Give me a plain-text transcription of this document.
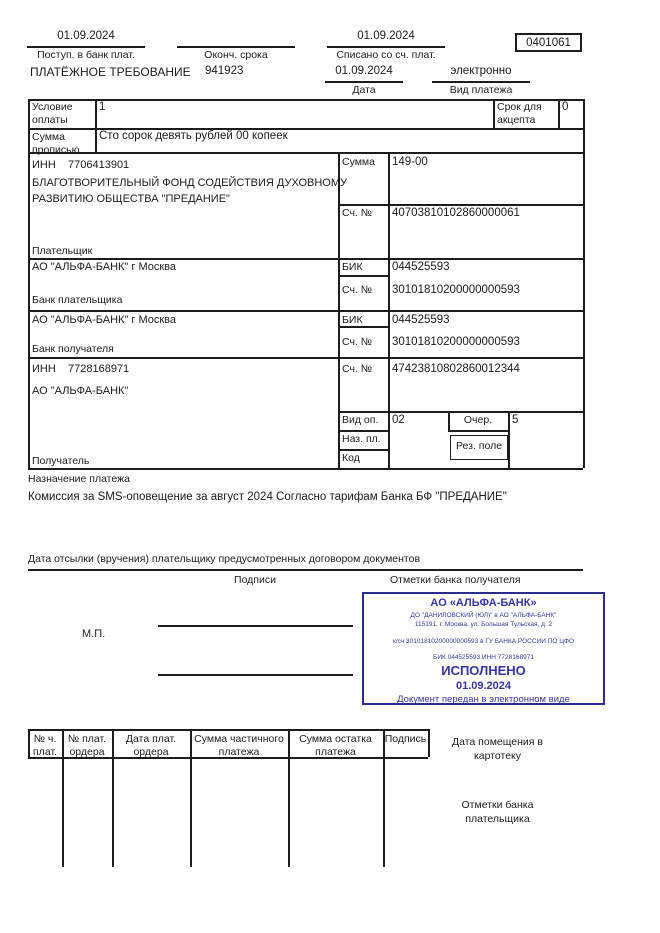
01.09.2024
Поступ. в банк плат.	Оконч. срока
01.09.2024
Списано со сч. плат.
0401061
ПЛАТЁЖНОЕ ТРЕБОВАНИЕ 941923	01.09.2024
Дата
электронно
Вид платежа
Условие оплаты
1	Срок для акцепта
0
Сумма прописью
Сто сорок девять рублей 00 копеек
ИНН 7706413901
БЛАГОТВОРИТЕЛЬНЫЙ ФОНД СОДЕЙСТВИЯ ДУХОВНОМУ
РАЗВИТИЮ ОБЩЕСТВА "ПРЕДАНИЕ"
Плательщик
Сумма 149-00
Сч. № 40703810102860000061
АО "АЛЬФА-БАНК" г Москва	БИК	044525593
Сч. № 30101810200000000593
Банк плательщика
АО "АЛЬФА-БАНК" г Москва	БИК	044525593
Сч. № 30101810200000000593
Банк получателя
ИНН 7728168971	Сч. № 47423810802860012344
АО "АЛЬФА-БАНК"
Вид оп. 02
Наз. пл.
Код
Очер.	5
Рез. поле
Получатель
Назначение платежа
Комиссия за SMS-оповещение за август 2024 Согласно тарифам Банка БФ "ПРЕДАНИЕ"
Дата отсылки (вручения) плательщику предусмотренных договором документов
Подписи	Отметки банка получателя
М.П.
АО «АЛЬФА-БАНК»
ДО "ДАНИЛОВСКИЙ (ЮЛ)" в АО "АЛЬФА-БАНК"
115191, г. Москва, ул. Большая Тульская, д. 2
к/сч 30101810200000000593 в ГУ БАНКА РОССИИ ПО ЦФО
БИК 044525593 ИНН 7728168971
ИСПОЛНЕНО
01.09.2024
Документ передан в электронном виде
№ ч. плат.
№ плат. ордера
Дата плат. ордера
Сумма частичного платежа
Сумма остатка платежа
Подпись	Дата помещения в картотеку
Отметки банка плательщика
